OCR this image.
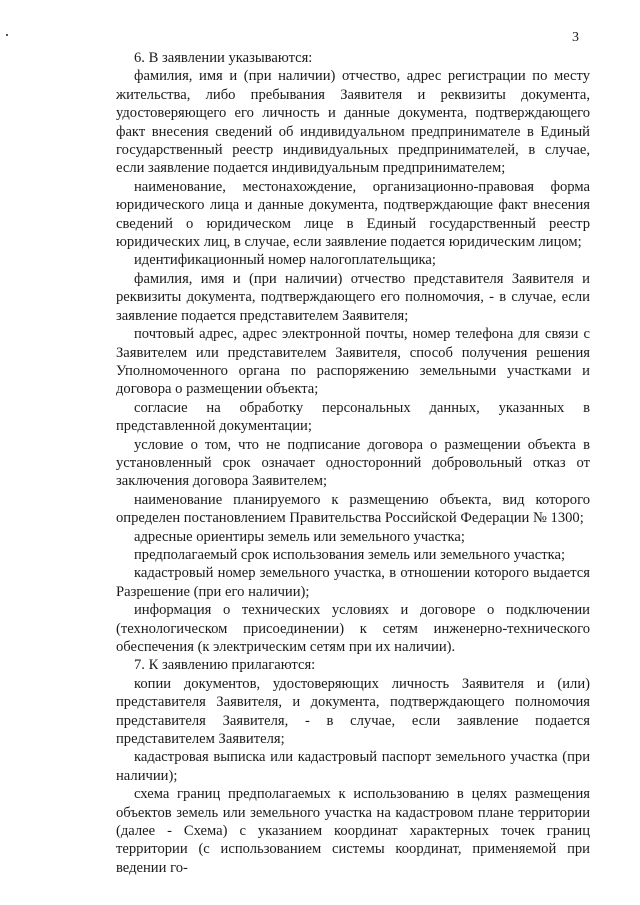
3

6. В заявлении указываются:

фамилия, имя и (при наличии) отчество, адрес регистрации по месту жительства, либо пребывания Заявителя и реквизиты документа, удостоверяющего его личность и данные документа, подтверждающего факт внесения сведений об индивидуальном предпринимателе в Единый государственный реестр индивидуальных предпринимателей, в случае, если заявление подается индивидуальным предпринимателем;

наименование, местонахождение, организационно-правовая форма юридического лица и данные документа, подтверждающие факт внесения сведений о юридическом лице в Единый государственный реестр юридических лиц, в случае, если заявление подается юридическим лицом;

идентификационный номер налогоплательщика;

фамилия, имя и (при наличии) отчество представителя Заявителя и реквизиты документа, подтверждающего его полномочия, - в случае, если заявление подается представителем Заявителя;

почтовый адрес, адрес электронной почты, номер телефона для связи с Заявителем или представителем Заявителя, способ получения решения Уполномоченного органа по распоряжению земельными участками и договора о размещении объекта;

согласие на обработку персональных данных, указанных в представленной документации;

условие о том, что не подписание договора о размещении объекта в установленный срок означает односторонний добровольный отказ от заключения договора Заявителем;

наименование планируемого к размещению объекта, вид которого определен постановлением Правительства Российской Федерации № 1300;

адресные ориентиры земель или земельного участка;

предполагаемый срок использования земель или земельного участка;

кадастровый номер земельного участка, в отношении которого выдается Разрешение (при его наличии);

информация о технических условиях и договоре о подключении (технологическом присоединении) к сетям инженерно-технического обеспечения (к электрическим сетям при их наличии).

7. К заявлению прилагаются:

копии документов, удостоверяющих личность Заявителя и (или) представителя Заявителя, и документа, подтверждающего полномочия представителя Заявителя, - в случае, если заявление подается представителем Заявителя;

кадастровая выписка или кадастровый паспорт земельного участка (при наличии);

схема границ предполагаемых к использованию в целях размещения объектов земель или земельного участка на кадастровом плане территории (далее - Схема) с указанием координат характерных точек границ территории (с использованием системы координат, применяемой при ведении го-
